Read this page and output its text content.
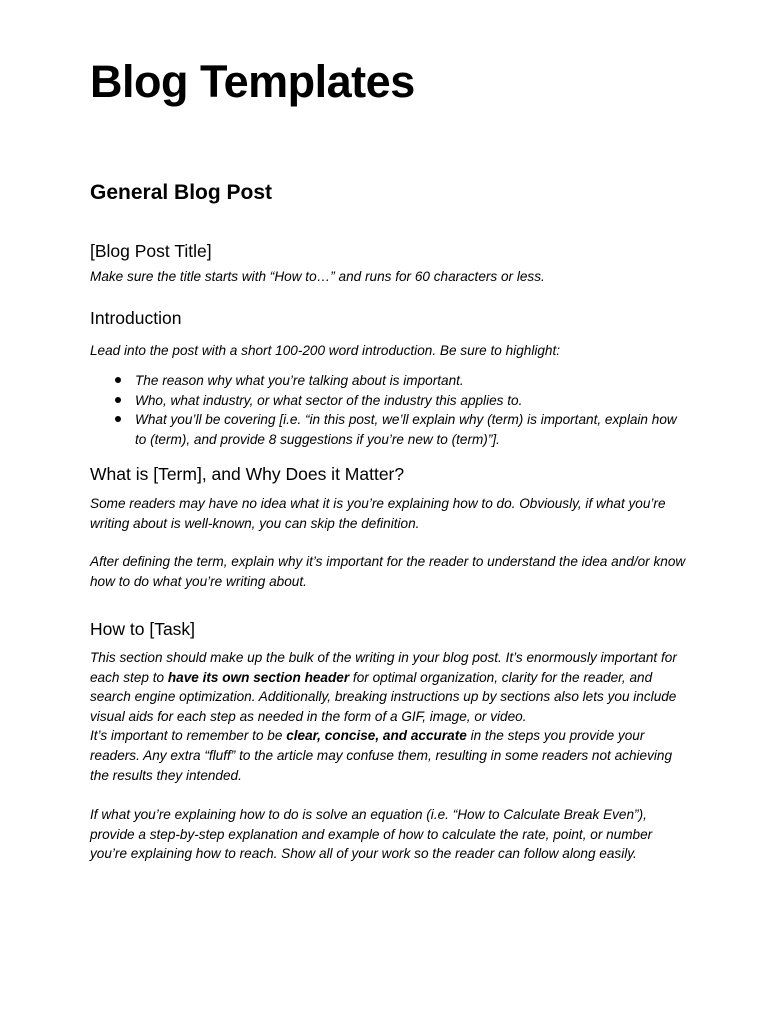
Blog Templates
General Blog Post
[Blog Post Title]

Make sure the title starts with “How to…” and runs for 60 characters or less.

Introduction

Lead into the post with a short 100-200 word introduction. Be sure to highlight:

The reason why what you’re talking about is important.
Who, what industry, or what sector of the industry this applies to.
What you’ll be covering [i.e. “in this post, we’ll explain why (term) is important, explain how to (term), and provide 8 suggestions if you’re new to (term)”].
What is [Term], and Why Does it Matter?

Some readers may have no idea what it is you’re explaining how to do. Obviously, if what you’re writing about is well-known, you can skip the definition.

After defining the term, explain why it’s important for the reader to understand the idea and/or know how to do what you’re writing about.

How to [Task]
This section should make up the bulk of the writing in your blog post. It’s enormously important for each step to have its own section header for optimal organization, clarity for the reader, and search engine optimization. Additionally, breaking instructions up by sections also lets you include visual aids for each step as needed in the form of a GIF, image, or video.
It’s important to remember to be clear, concise, and accurate in the steps you provide your readers. Any extra “fluff” to the article may confuse them, resulting in some readers not achieving the results they intended.

If what you’re explaining how to do is solve an equation (i.e. “How to Calculate Break Even”), provide a step-by-step explanation and example of how to calculate the rate, point, or number you’re explaining how to reach. Show all of your work so the reader can follow along easily.
